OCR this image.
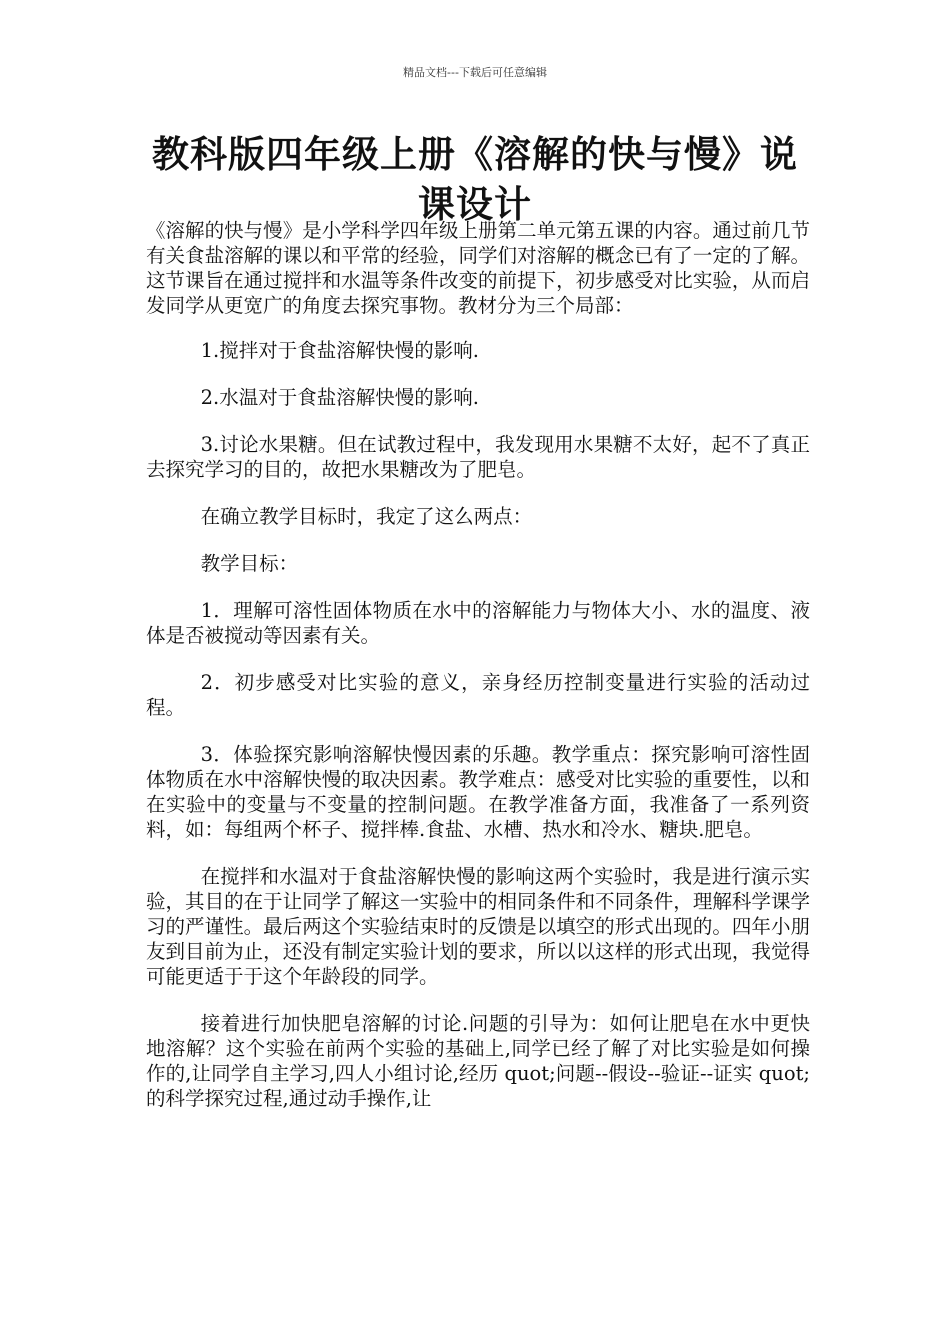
精品文档---下载后可任意编辑
教科版四年级上册《溶解的快与慢》说课设计

《溶解的快与慢》是小学科学四年级上册第二单元第五课的内容。通过前几节有关食盐溶解的课以和平常的经验，同学们对溶解的概念已有了一定的了解。这节课旨在通过搅拌和水温等条件改变的前提下，初步感受对比实验，从而启发同学从更宽广的角度去探究事物。教材分为三个局部：

1.搅拌对于食盐溶解快慢的影响.

2.水温对于食盐溶解快慢的影响.

3.讨论水果糖。但在试教过程中，我发现用水果糖不太好，起不了真正去探究学习的目的，故把水果糖改为了肥皂。

在确立教学目标时，我定了这么两点：

教学目标：

1．理解可溶性固体物质在水中的溶解能力与物体大小、水的温度、液体是否被搅动等因素有关。

2．初步感受对比实验的意义，亲身经历控制变量进行实验的活动过程。

3．体验探究影响溶解快慢因素的乐趣。教学重点：探究影响可溶性固体物质在水中溶解快慢的取决因素。教学难点：感受对比实验的重要性，以和在实验中的变量与不变量的控制问题。在教学准备方面，我准备了一系列资料，如：每组两个杯子、搅拌棒.食盐、水槽、热水和冷水、糖块.肥皂。

在搅拌和水温对于食盐溶解快慢的影响这两个实验时，我是进行演示实验，其目的在于让同学了解这一实验中的相同条件和不同条件，理解科学课学习的严谨性。最后两这个实验结束时的反馈是以填空的形式出现的。四年小朋友到目前为止，还没有制定实验计划的要求，所以以这样的形式出现，我觉得可能更适于于这个年龄段的同学。

接着进行加快肥皂溶解的讨论.问题的引导为：如何让肥皂在水中更快地溶解？这个实验在前两个实验的基础上,同学已经了解了对比实验是如何操作的,让同学自主学习,四人小组讨论,经历 quot;问题--假设--验证--证实 quot;的科学探究过程,通过动手操作,让
